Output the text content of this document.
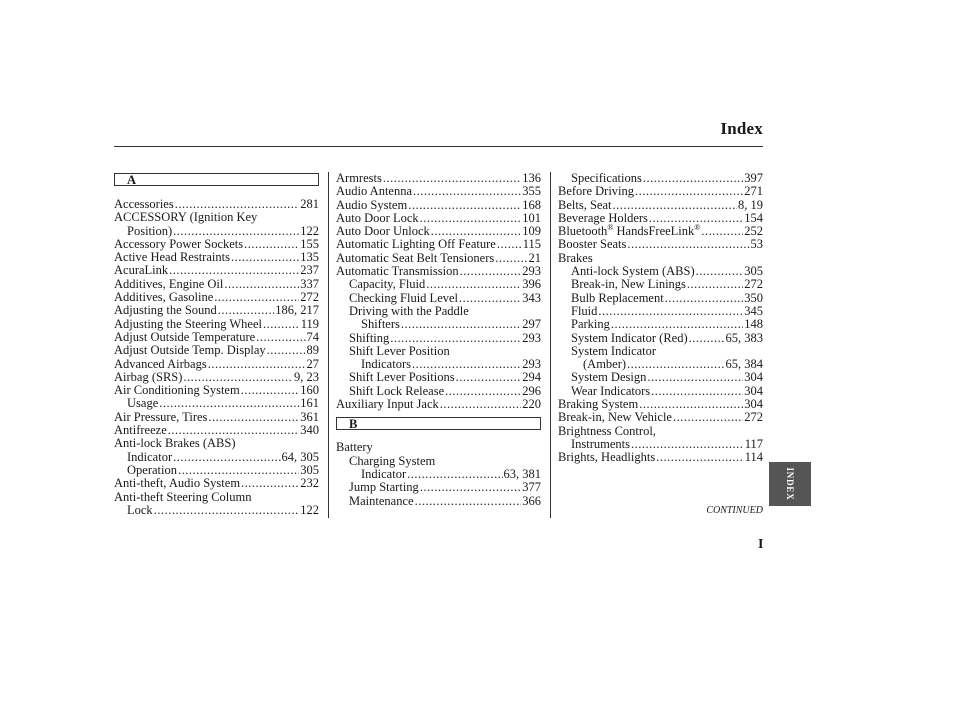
Index
A
Accessories .....	281
ACCESSORY (Ignition Key
Position) .....	122
Accessory Power Sockets .....	155
Active Head Restraints .....	135
AcuraLink .....	237
Additives, Engine Oil .....	337
Additives, Gasoline .....	272
Adjusting the Sound .....	186, 217
Adjusting the Steering Wheel .....	119
Adjust Outside Temperature .....	74
Adjust Outside Temp. Display .....	89
Advanced Airbags .....	27
Airbag (SRS) .....	9, 23
Air Conditioning System .....	160
Usage .....	161
Air Pressure, Tires .....	361
Antifreeze .....	340
Anti-lock Brakes (ABS)
Indicator .....	64, 305
Operation .....	305
Anti-theft, Audio System .....	232
Anti-theft Steering Column
Lock .....	122
Armrests .....	136
Audio Antenna .....	355
Audio System .....	168
Auto Door Lock .....	101
Auto Door Unlock .....	109
Automatic Lighting Off Feature ..... 115
Automatic Seat Belt Tensioners .....	21
Automatic Transmission .....	293
Capacity, Fluid .....	396
Checking Fluid Level .....	343
Driving with the Paddle
Shifters .....	297
Shifting .....	293
Shift Lever Position
Indicators .....	293
Shift Lever Positions .....	294
Shift Lock Release .....	296
Auxiliary Input Jack .....	220
B
Battery
Charging System
Indicator .....	63, 381
Jump Starting .....	377
Maintenance .....	366
Specifications .....	397
Before Driving .....	271
Belts, Seat .....	8, 19
Beverage Holders .....	154
Bluetooth® HandsFreeLink® .....	252
Booster Seats .....	53
Brakes
Anti-lock System (ABS) .....	305
Break-in, New Linings .....	272
Bulb Replacement .....	350
Fluid .....	345
Parking .....	148
System Indicator (Red) .....	65, 383
System Indicator
(Amber) .....	65, 384
System Design .....	304
Wear Indicators .....	304
Braking System .....	304
Break-in, New Vehicle .....	272
Brightness Control,
Instruments .....	117
Brights, Headlights .....	114
CONTINUED
INDEX
I
